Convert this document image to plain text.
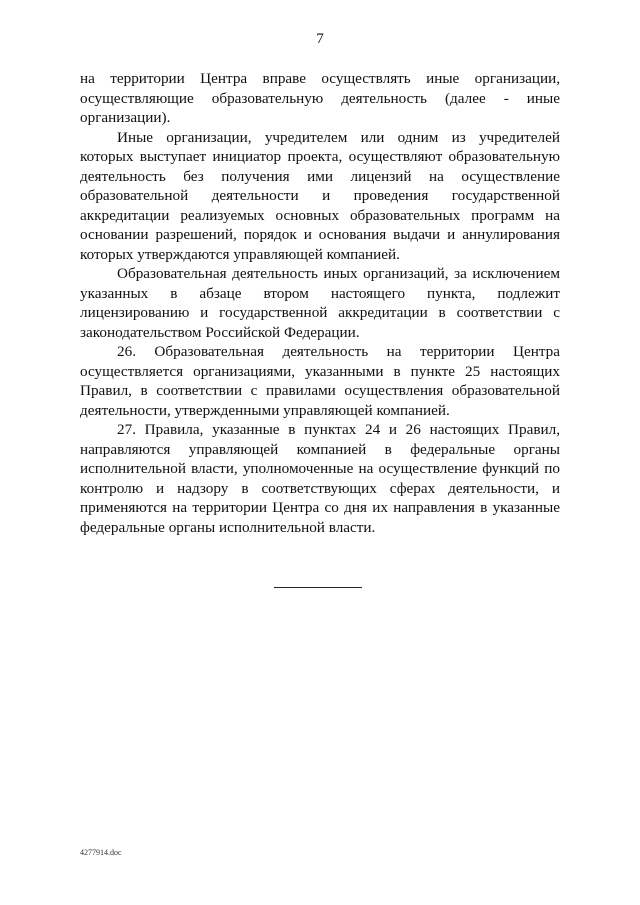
7

на территории Центра вправе осуществлять иные организации, осуществляющие образовательную деятельность (далее - иные организации).

Иные организации, учредителем или одним из учредителей которых выступает инициатор проекта, осуществляют образовательную деятельность без получения ими лицензий на осуществление образовательной деятельности и проведения государственной аккредитации реализуемых основных образовательных программ на основании разрешений, порядок и основания выдачи и аннулирования которых утверждаются управляющей компанией.

Образовательная деятельность иных организаций, за исключением указанных в абзаце втором настоящего пункта, подлежит лицензированию и государственной аккредитации в соответствии с законодательством Российской Федерации.

26. Образовательная деятельность на территории Центра осуществляется организациями, указанными в пункте 25 настоящих Правил, в соответствии с правилами осуществления образовательной деятельности, утвержденными управляющей компанией.

27. Правила, указанные в пунктах 24 и 26 настоящих Правил, направляются управляющей компанией в федеральные органы исполнительной власти, уполномоченные на осуществление функций по контролю и надзору в соответствующих сферах деятельности, и применяются на территории Центра со дня их направления в указанные федеральные органы исполнительной власти.

4277914.doc
